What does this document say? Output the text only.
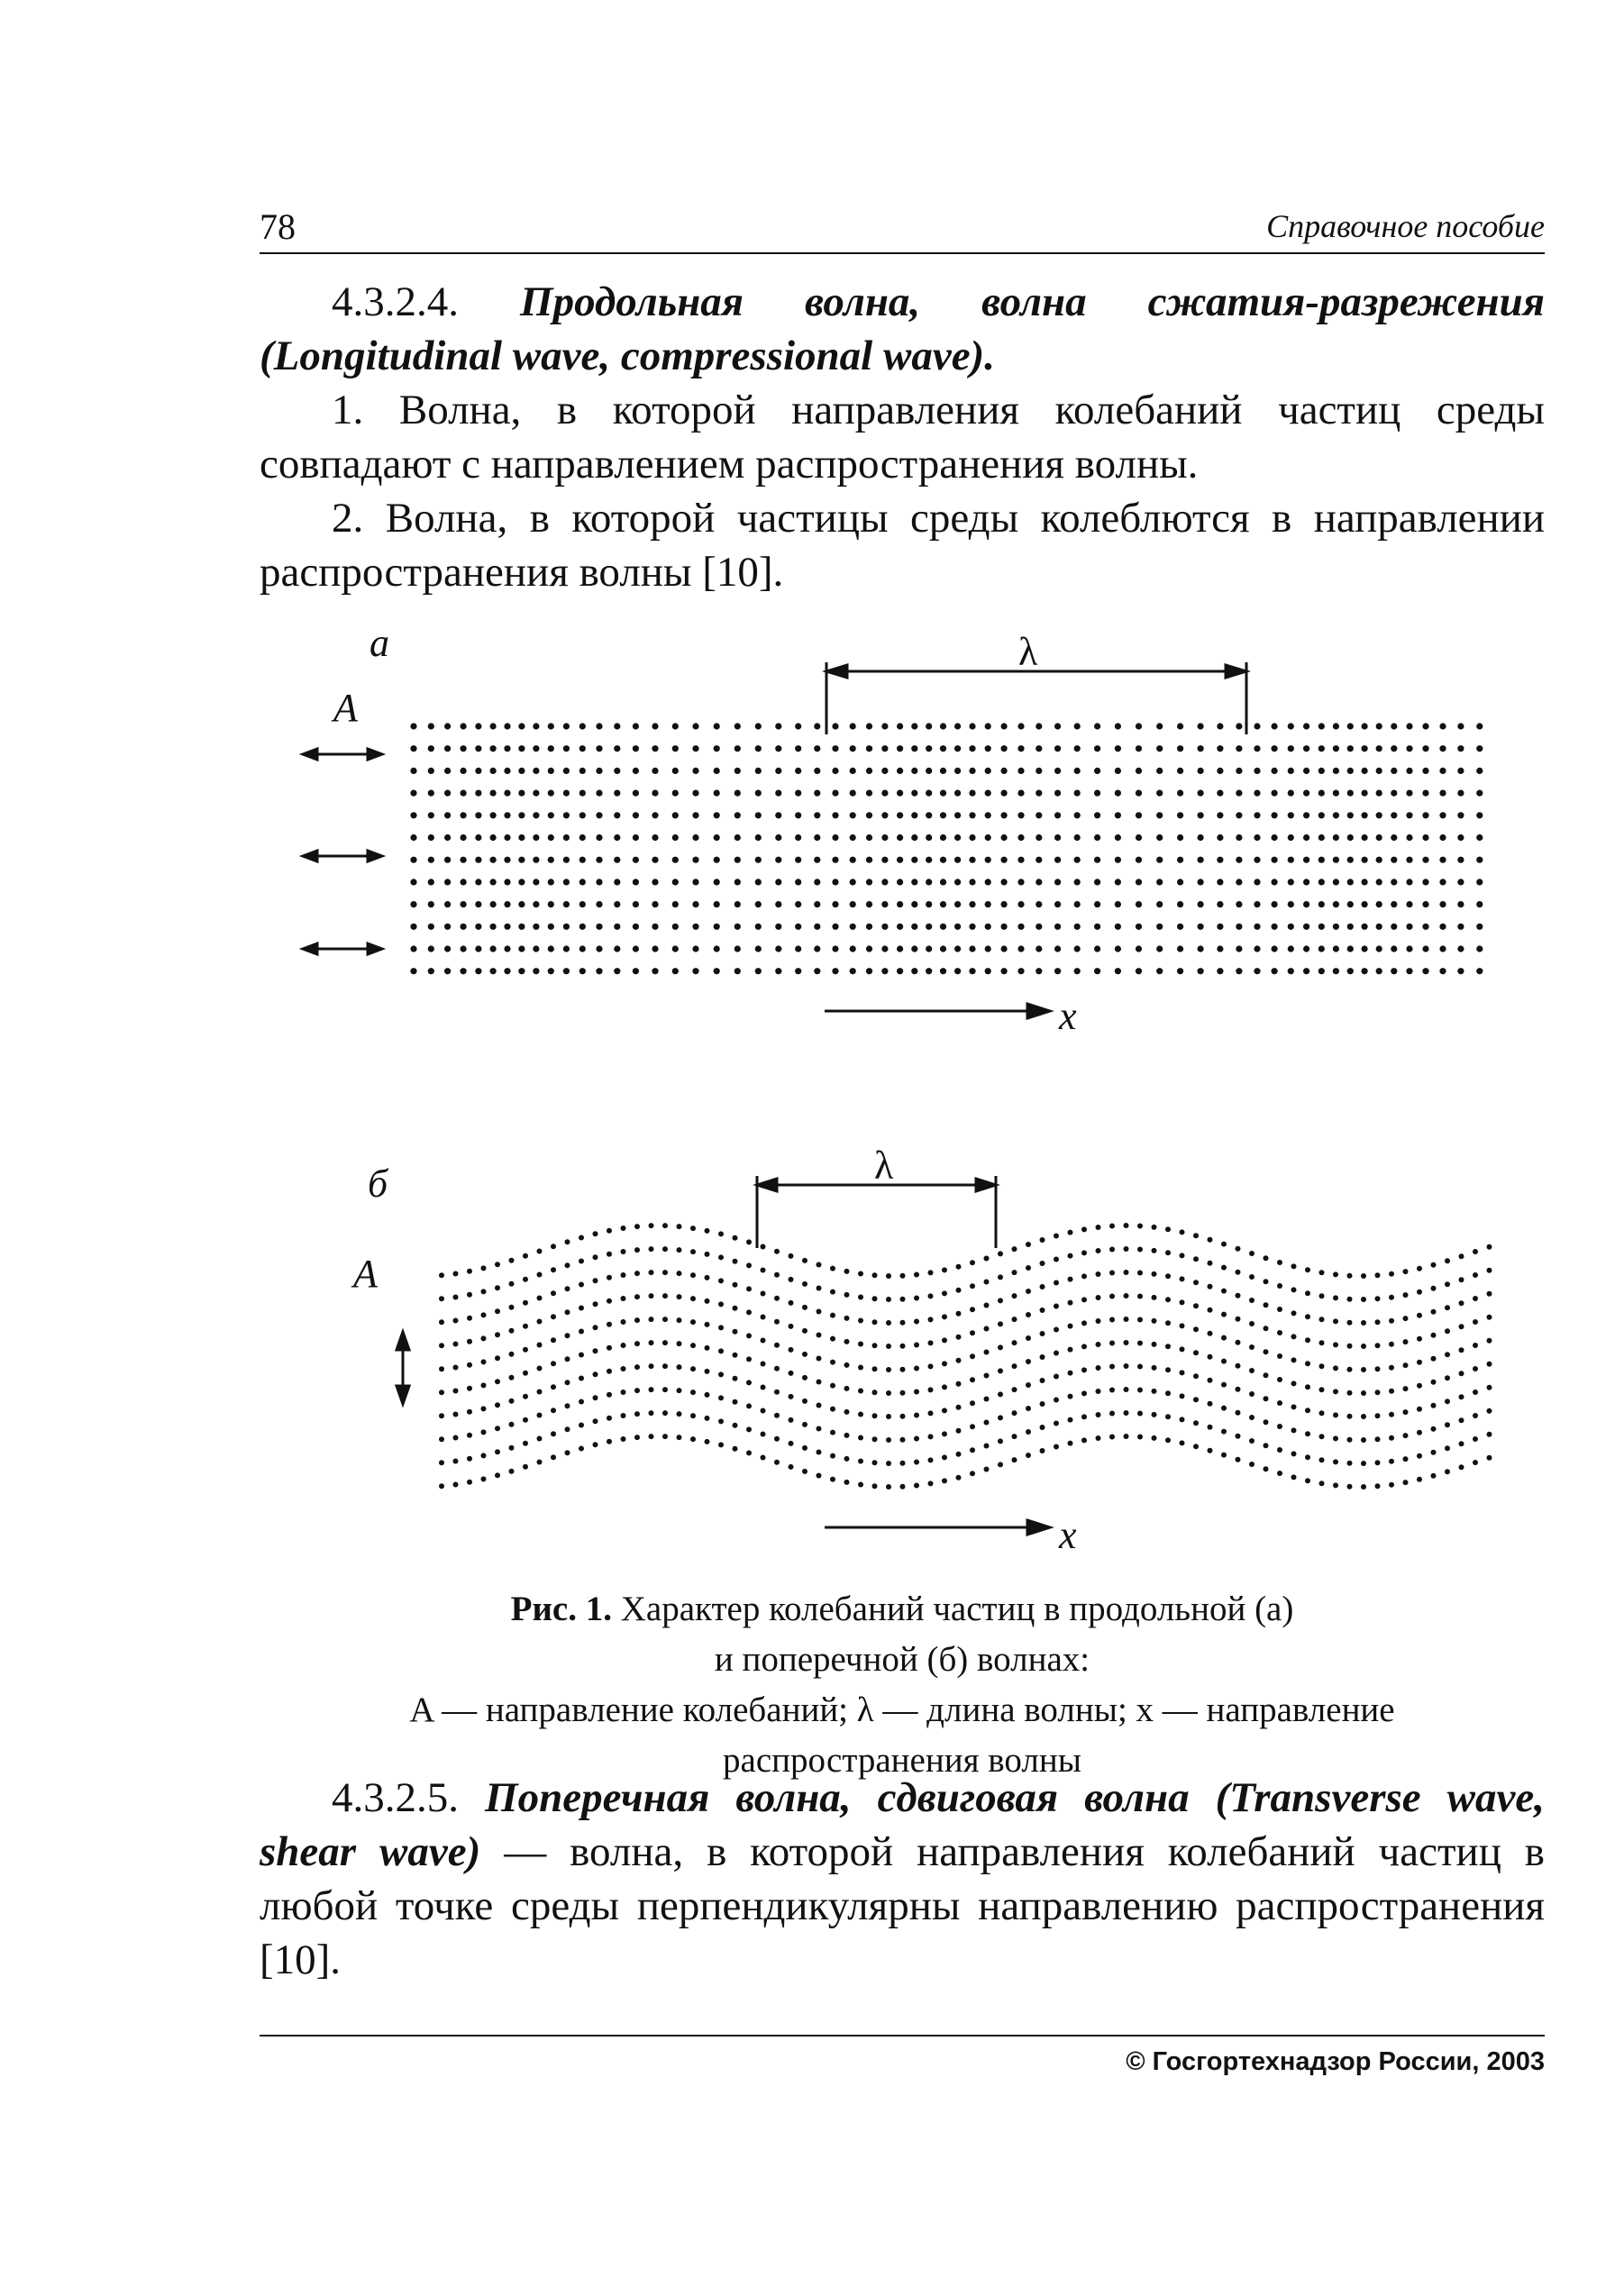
78	Справочное пособие

4.3.2.4. Продольная волна, волна сжатия-разрежения (Longitudinal wave, compressional wave).

1. Волна, в которой направления колебаний частиц среды совпадают с направлением распространения волны.

2. Волна, в которой частицы среды колеблются в направлении распространения волны [10].

а
A
λ
x
б
A
λ
x
Рис. 1. Характер колебаний частиц в продольной (а)
и поперечной (б) волнах:
A — направление колебаний; λ — длина волны; x — направление
распространения волны

4.3.2.5. Поперечная волна, сдвиговая волна (Transverse wave, shear wave) — волна, в которой направления колебаний частиц в любой точке среды перпендикулярны направлению распространения [10].

© Госгортехнадзор России, 2003
